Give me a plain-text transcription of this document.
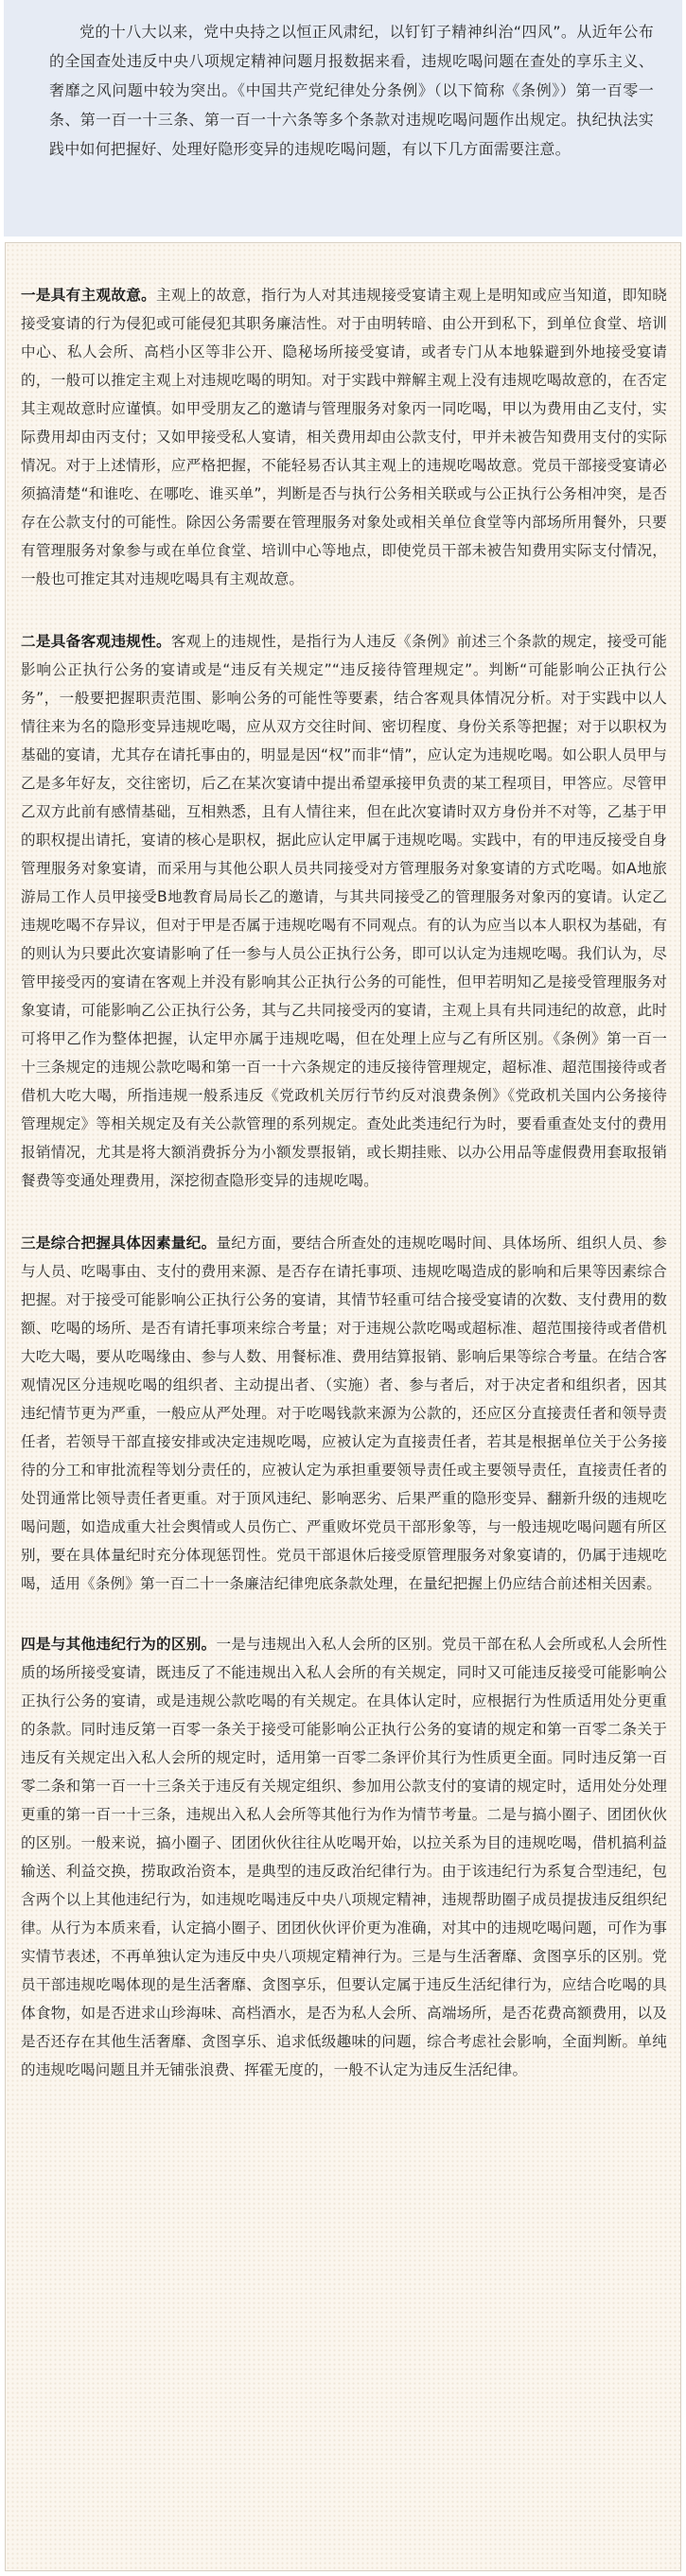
党的十八大以来，党中央持之以恒正风肃纪，以钉钉子精神纠治“四风”。从近年公布的全国查处违反中央八项规定精神问题月报数据来看，违规吃喝问题在查处的享乐主义、奢靡之风问题中较为突出。《中国共产党纪律处分条例》（以下简称《条例》）第一百零一条、第一百一十三条、第一百一十六条等多个条款对违规吃喝问题作出规定。执纪执法实践中如何把握好、处理好隐形变异的违规吃喝问题，有以下几方面需要注意。

一是具有主观故意。主观上的故意，指行为人对其违规接受宴请主观上是明知或应当知道，即知晓接受宴请的行为侵犯或可能侵犯其职务廉洁性。对于由明转暗、由公开到私下，到单位食堂、培训中心、私人会所、高档小区等非公开、隐秘场所接受宴请，或者专门从本地躲避到外地接受宴请的，一般可以推定主观上对违规吃喝的明知。对于实践中辩解主观上没有违规吃喝故意的，在否定其主观故意时应谨慎。如甲受朋友乙的邀请与管理服务对象丙一同吃喝，甲以为费用由乙支付，实际费用却由丙支付；又如甲接受私人宴请，相关费用却由公款支付，甲并未被告知费用支付的实际情况。对于上述情形，应严格把握，不能轻易否认其主观上的违规吃喝故意。党员干部接受宴请必须搞清楚“和谁吃、在哪吃、谁买单”，判断是否与执行公务相关联或与公正执行公务相冲突，是否存在公款支付的可能性。除因公务需要在管理服务对象处或相关单位食堂等内部场所用餐外，只要有管理服务对象参与或在单位食堂、培训中心等地点，即使党员干部未被告知费用实际支付情况，一般也可推定其对违规吃喝具有主观故意。

二是具备客观违规性。客观上的违规性，是指行为人违反《条例》前述三个条款的规定，接受可能影响公正执行公务的宴请或是“违反有关规定”“违反接待管理规定”。判断“可能影响公正执行公务”，一般要把握职责范围、影响公务的可能性等要素，结合客观具体情况分析。对于实践中以人情往来为名的隐形变异违规吃喝，应从双方交往时间、密切程度、身份关系等把握；对于以职权为基础的宴请，尤其存在请托事由的，明显是因“权”而非“情”，应认定为违规吃喝。如公职人员甲与乙是多年好友，交往密切，后乙在某次宴请中提出希望承接甲负责的某工程项目，甲答应。尽管甲乙双方此前有感情基础，互相熟悉，且有人情往来，但在此次宴请时双方身份并不对等，乙基于甲的职权提出请托，宴请的核心是职权，据此应认定甲属于违规吃喝。实践中，有的甲违反接受自身管理服务对象宴请，而采用与其他公职人员共同接受对方管理服务对象宴请的方式吃喝。如A地旅游局工作人员甲接受B地教育局局长乙的邀请，与其共同接受乙的管理服务对象丙的宴请。认定乙违规吃喝不存异议，但对于甲是否属于违规吃喝有不同观点。有的认为应当以本人职权为基础，有的则认为只要此次宴请影响了任一参与人员公正执行公务，即可以认定为违规吃喝。我们认为，尽管甲接受丙的宴请在客观上并没有影响其公正执行公务的可能性，但甲若明知乙是接受管理服务对象宴请，可能影响乙公正执行公务，其与乙共同接受丙的宴请，主观上具有共同违纪的故意，此时可将甲乙作为整体把握，认定甲亦属于违规吃喝，但在处理上应与乙有所区别。《条例》第一百一十三条规定的违规公款吃喝和第一百一十六条规定的违反接待管理规定，超标准、超范围接待或者借机大吃大喝，所指违规一般系违反《党政机关厉行节约反对浪费条例》《党政机关国内公务接待管理规定》等相关规定及有关公款管理的系列规定。查处此类违纪行为时，要看重查处支付的费用报销情况，尤其是将大额消费拆分为小额发票报销，或长期挂账、以办公用品等虚假费用套取报销餐费等变通处理费用，深挖彻查隐形变异的违规吃喝。

三是综合把握具体因素量纪。量纪方面，要结合所查处的违规吃喝时间、具体场所、组织人员、参与人员、吃喝事由、支付的费用来源、是否存在请托事项、违规吃喝造成的影响和后果等因素综合把握。对于接受可能影响公正执行公务的宴请，其情节轻重可结合接受宴请的次数、支付费用的数额、吃喝的场所、是否有请托事项来综合考量；对于违规公款吃喝或超标准、超范围接待或者借机大吃大喝，要从吃喝缘由、参与人数、用餐标准、费用结算报销、影响后果等综合考量。在结合客观情况区分违规吃喝的组织者、主动提出者、（实施）者、参与者后，对于决定者和组织者，因其违纪情节更为严重，一般应从严处理。对于吃喝钱款来源为公款的，还应区分直接责任者和领导责任者，若领导干部直接安排或决定违规吃喝，应被认定为直接责任者，若其是根据单位关于公务接待的分工和审批流程等划分责任的，应被认定为承担重要领导责任或主要领导责任，直接责任者的处罚通常比领导责任者更重。对于顶风违纪、影响恶劣、后果严重的隐形变异、翻新升级的违规吃喝问题，如造成重大社会舆情或人员伤亡、严重败坏党员干部形象等，与一般违规吃喝问题有所区别，要在具体量纪时充分体现惩罚性。党员干部退休后接受原管理服务对象宴请的，仍属于违规吃喝，适用《条例》第一百二十一条廉洁纪律兜底条款处理，在量纪把握上仍应结合前述相关因素。

四是与其他违纪行为的区别。一是与违规出入私人会所的区别。党员干部在私人会所或私人会所性质的场所接受宴请，既违反了不能违规出入私人会所的有关规定，同时又可能违反接受可能影响公正执行公务的宴请，或是违规公款吃喝的有关规定。在具体认定时，应根据行为性质适用处分更重的条款。同时违反第一百零一条关于接受可能影响公正执行公务的宴请的规定和第一百零二条关于违反有关规定出入私人会所的规定时，适用第一百零二条评价其行为性质更全面。同时违反第一百零二条和第一百一十三条关于违反有关规定组织、参加用公款支付的宴请的规定时，适用处分处理更重的第一百一十三条，违规出入私人会所等其他行为作为情节考量。二是与搞小圈子、团团伙伙的区别。一般来说，搞小圈子、团团伙伙往往从吃喝开始，以拉关系为目的违规吃喝，借机搞利益输送、利益交换，捞取政治资本，是典型的违反政治纪律行为。由于该违纪行为系复合型违纪，包含两个以上其他违纪行为，如违规吃喝违反中央八项规定精神，违规帮助圈子成员提拔违反组织纪律。从行为本质来看，认定搞小圈子、团团伙伙评价更为准确，对其中的违规吃喝问题，可作为事实情节表述，不再单独认定为违反中央八项规定精神行为。三是与生活奢靡、贪图享乐的区别。党员干部违规吃喝体现的是生活奢靡、贪图享乐，但要认定属于违反生活纪律行为，应结合吃喝的具体食物，如是否进求山珍海味、高档酒水，是否为私人会所、高端场所，是否花费高额费用，以及是否还存在其他生活奢靡、贪图享乐、追求低级趣味的问题，综合考虑社会影响，全面判断。单纯的违规吃喝问题且并无铺张浪费、挥霍无度的，一般不认定为违反生活纪律。
